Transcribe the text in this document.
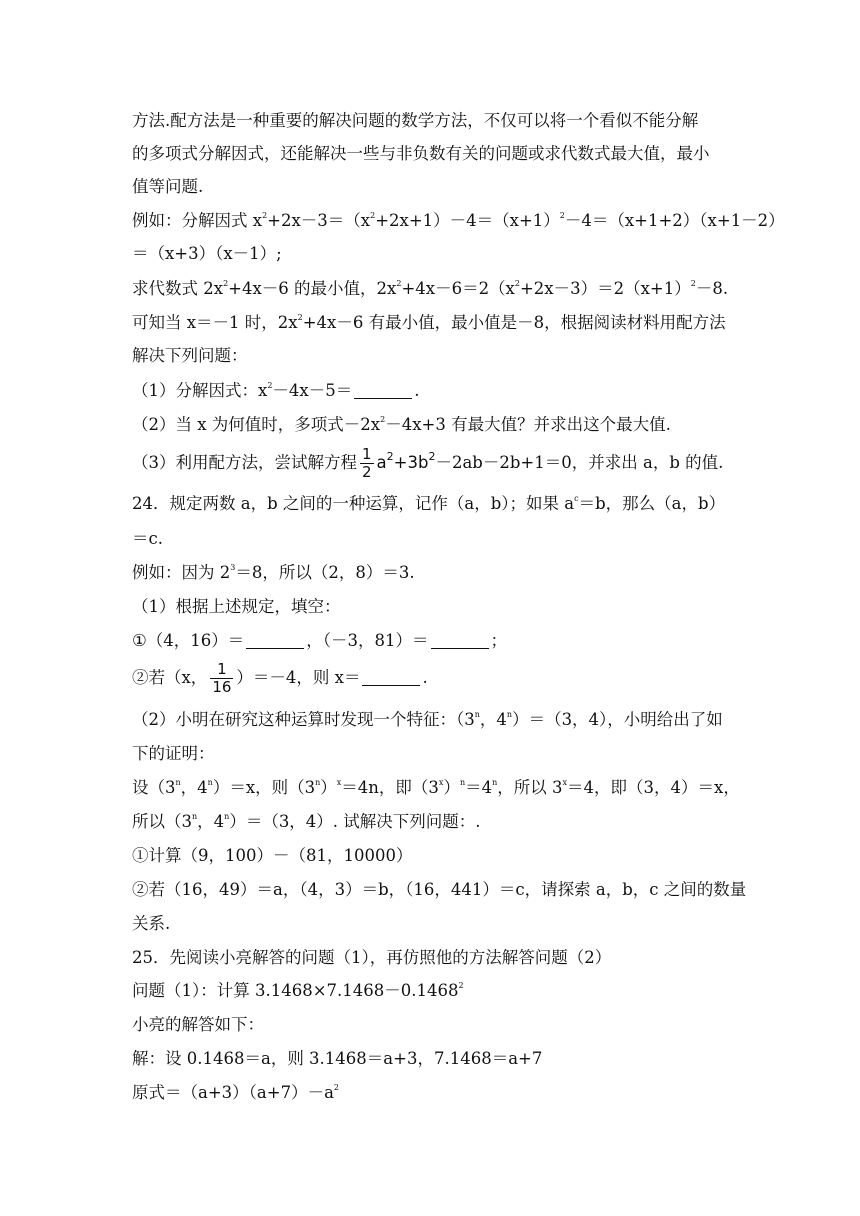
方法.配方法是一种重要的解决问题的数学方法，不仅可以将一个看似不能分解
的多项式分解因式，还能解决一些与非负数有关的问题或求代数式最大值，最小
值等问题.
例如：分解因式 $x^2+2x-3=(x^2+2x+1)-4=(x+1)^2-4=(x+1+2)(x+1-2)$
＝（x+3）（x－1）;
求代数式 $2x^2+4x-6$ 的最小值，$2x^2+4x-6=2(x^2+2x-3)=2(x+1)^2-8$.
可知当 x＝－1 时，$2x^2+4x-6$ 有最小值，最小值是－8，根据阅读材料用配方法
解决下列问题：
（1）分解因式：$x^2-4x-5=$	.
（2）当 x 为何值时，多项式$-2x^2-4x+3$ 有最大值？并求出这个最大值.
（3）利用配方法，尝试解方程 $\frac{1}{2} a^2+3b^2-2ab-2b+1=0$，并求出 a，b 的值.
24．规定两数 a，b 之间的一种运算，记作（a，b）；如果 $a^c=b$，那么（a，b）
＝c.
例如：因为 $2^3=8$，所以（2，8）＝3.
（1）根据上述规定，填空：
①（4，16）＝	，（－3，81）＝	；
②若（x， $\frac{1}{16} )=-4$，则 x＝	.
（2）小明在研究这种运算时发现一个特征：（3$^n$，$4^n)=(3$，4），小明给出了如
下的证明：
设（3$^n$，$4^n)=x$，则$(3^n)^x=4n$，即$(3^x)^n=4^n$，所以 $3^x=4$，即（3，4）＝x，
所以（3$^n$，$4^n)=(3$，4）. 试解决下列问题：.
①计算（9，100）－（81，10000）
②若（16，49）＝a，（4，3）＝b，（16，441）＝c，请探索 a，b，c 之间的数量
关系.
25．先阅读小亮解答的问题（1），再仿照他的方法解答问题（2）
问题（1）：计算 $3.1468\times 7.1468-0.1468^2$
小亮的解答如下：
解：设 0.1468＝a，则 3.1468＝a+3，7.1468＝a+7
原式$=(a+3)(a+7)-a^2$
